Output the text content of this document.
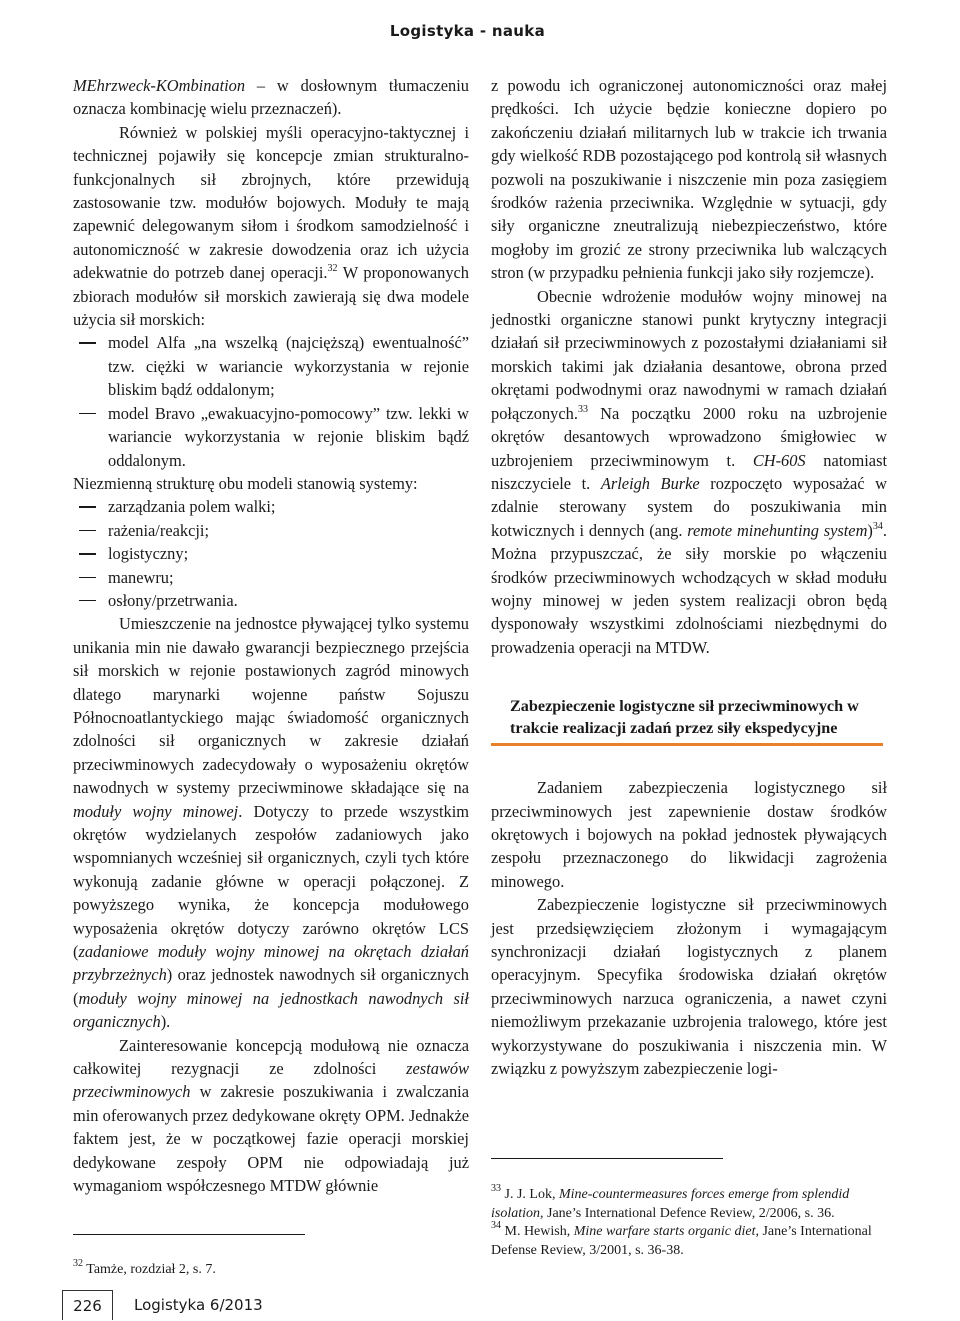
Logistyka - nauka

MEhrzweck-KOmbination – w dosłownym tłumaczeniu oznacza kombinację wielu przeznaczeń).

Również w polskiej myśli operacyjno-taktycznej i technicznej pojawiły się koncepcje zmian strukturalno-funkcjonalnych sił zbrojnych, które przewidują zastosowanie tzw. modułów bojowych. Moduły te mają zapewnić delegowanym siłom i środkom samodzielność i autonomiczność w zakresie dowodzenia oraz ich użycia adekwatnie do potrzeb danej operacji.$^{32}$ W proponowanych zbiorach modułów sił morskich zawierają się dwa modele użycia sił morskich:

model Alfa „na wszelką (najcięższą) ewentualność” tzw. ciężki w wariancie wykorzystania w rejonie bliskim bądź oddalonym;
model Bravo „ewakuacyjno-pomocowy” tzw. lekki w wariancie wykorzystania w rejonie bliskim bądź oddalonym.

Niezmienną strukturę obu modeli stanowią systemy:

zarządzania polem walki;
rażenia/reakcji;
logistyczny;
manewru;
osłony/przetrwania.

Umieszczenie na jednostce pływającej tylko systemu unikania min nie dawało gwarancji bezpiecznego przejścia sił morskich w rejonie postawionych zagród minowych dlatego marynarki wojenne państw Sojuszu Północnoatlantyckiego mając świadomość organicznych zdolności sił organicznych w zakresie działań przeciwminowych zadecydowały o wyposażeniu okrętów nawodnych w systemy przeciwminowe składające się na moduły wojny minowej. Dotyczy to przede wszystkim okrętów wydzielanych zespołów zadaniowych jako wspomnianych wcześniej sił organicznych, czyli tych które wykonują zadanie główne w operacji połączonej. Z powyższego wynika, że koncepcja modułowego wyposażenia okrętów dotyczy zarówno okrętów LCS (zadaniowe moduły wojny minowej na okrętach działań przybrzeżnych) oraz jednostek nawodnych sił organicznych (moduły wojny minowej na jednostkach nawodnych sił organicznych).

Zainteresowanie koncepcją modułową nie oznacza całkowitej rezygnacji ze zdolności zestawów przeciwminowych w zakresie poszukiwania i zwalczania min oferowanych przez dedykowane okręty OPM. Jednakże faktem jest, że w początkowej fazie operacji morskiej dedykowane zespoły OPM nie odpowiadają już wymaganiom współczesnego MTDW głównie

z powodu ich ograniczonej autonomiczności oraz małej prędkości. Ich użycie będzie konieczne dopiero po zakończeniu działań militarnych lub w trakcie ich trwania gdy wielkość RDB pozostającego pod kontrolą sił własnych pozwoli na poszukiwanie i niszczenie min poza zasięgiem środków rażenia przeciwnika. Względnie w sytuacji, gdy siły organiczne zneutralizują niebezpieczeństwo, które mogłoby im grozić ze strony przeciwnika lub walczących stron (w przypadku pełnienia funkcji jako siły rozjemcze).

Obecnie wdrożenie modułów wojny minowej na jednostki organiczne stanowi punkt krytyczny integracji działań sił przeciwminowych z pozostałymi działaniami sił morskich takimi jak działania desantowe, obrona przed okrętami podwodnymi oraz nawodnymi w ramach działań połączonych.$^{33}$ Na początku 2000 roku na uzbrojenie okrętów desantowych wprowadzono śmigłowiec w uzbrojeniem przeciwminowym t. CH-60S natomiast niszczyciele t. Arleigh Burke rozpoczęto wyposażać w zdalnie sterowany system do poszukiwania min kotwicznych i dennych (ang. remote minehunting system)$^{34}$. Można przypuszczać, że siły morskie po włączeniu środków przeciwminowych wchodzących w skład modułu wojny minowej w jeden system realizacji obron będą dysponowały wszystkimi zdolnościami niezbędnymi do prowadzenia operacji na MTDW.

Zabezpieczenie logistyczne sił przeciwminowych w trakcie realizacji zadań przez siły ekspedycyjne

Zadaniem zabezpieczenia logistycznego sił przeciwminowych jest zapewnienie dostaw środków okrętowych i bojowych na pokład jednostek pływających zespołu przeznaczonego do likwidacji zagrożenia minowego.

Zabezpieczenie logistyczne sił przeciwminowych jest przedsięwzięciem złożonym i wymagającym synchronizacji działań logistycznych z planem operacyjnym. Specyfika środowiska działań okrętów przeciwminowych narzuca ograniczenia, a nawet czyni niemożliwym przekazanie uzbrojenia tralowego, które jest wykorzystywane do poszukiwania i niszczenia min. W związku z powyższym zabezpieczenie logi-

$^{32}$ Tamże, rozdział 2, s. 7.

$^{33}$ J. J. Lok, Mine-countermeasures forces emerge from splendid isolation, Jane’s International Defence Review, 2/2006, s. 36.

$^{34}$ M. Hewish, Mine warfare starts organic diet, Jane’s International Defense Review, 3/2001, s. 36-38.

226	Logistyka 6/2013
